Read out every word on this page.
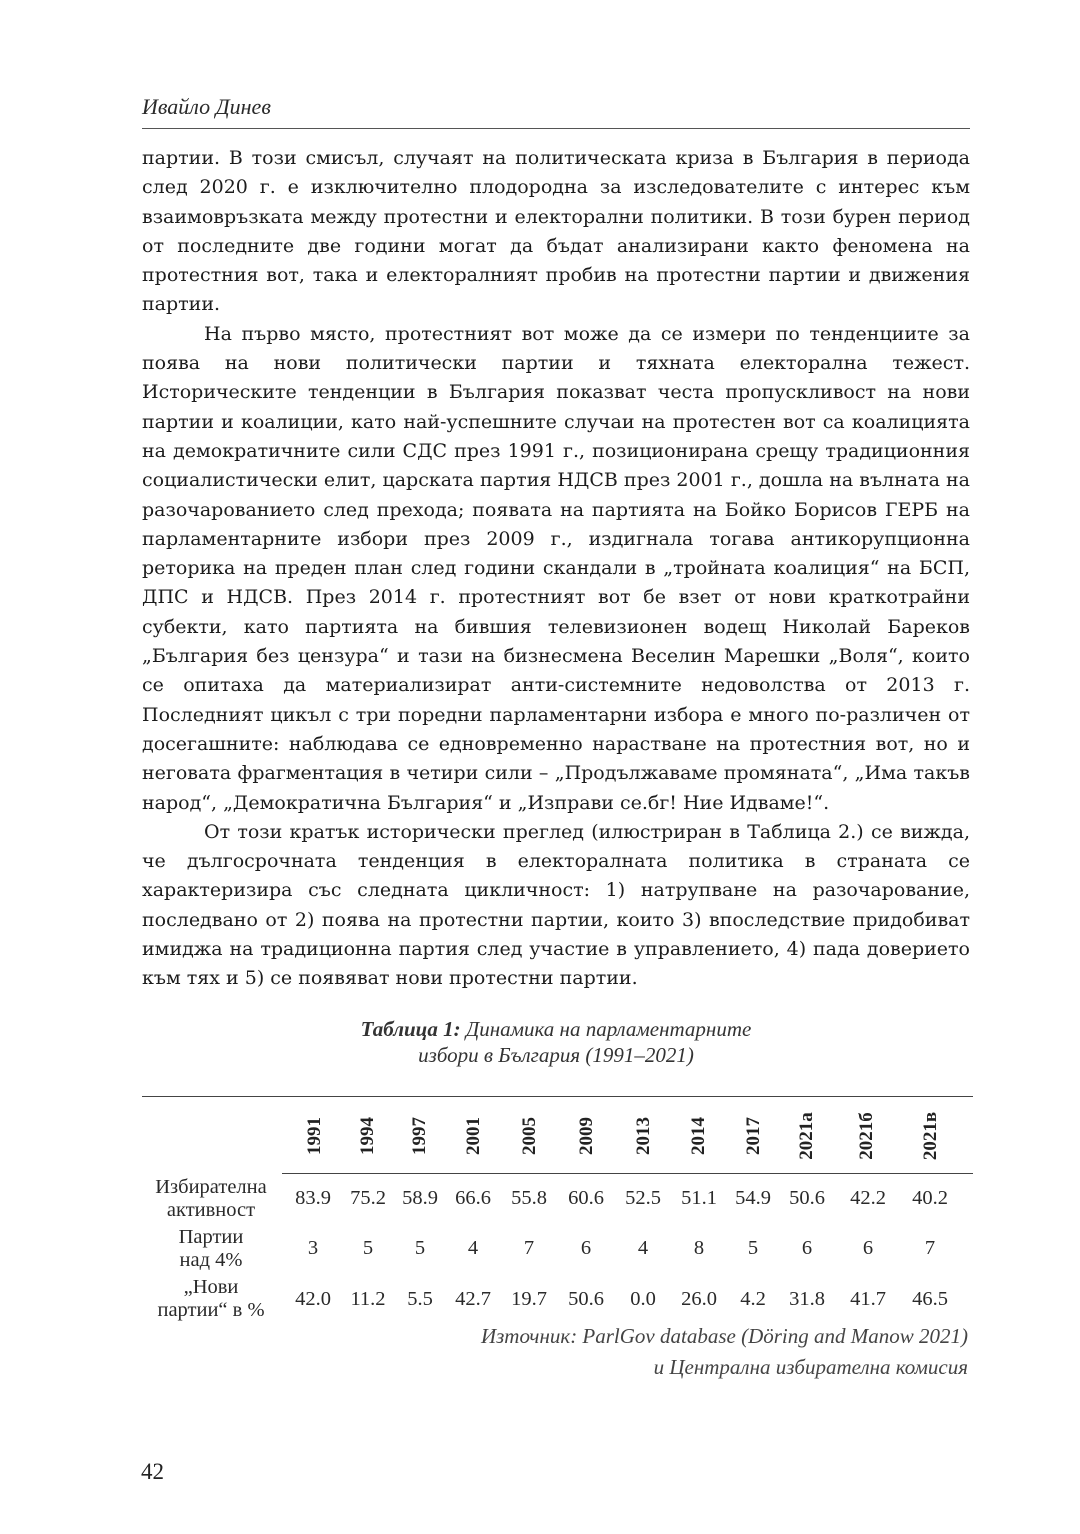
Ивайло Динев

партии. В този смисъл, случаят на политическата криза в България в периода след 2020 г. е изключително плодородна за изследователите с интерес към взаимовръзката между протестни и електорални политики. В този бурен период от последните две години могат да бъдат анализирани както феномена на протестния вот, така и електоралният пробив на протестни партии и движения партии.

На първо място, протестният вот може да се измери по тенденциите за поява на нови политически партии и тяхната електорална тежест. Историческите тенденции в България показват честа пропускливост на нови партии и коалиции, като най-успешните случаи на протестен вот са коалицията на демократичните сили СДС през 1991 г., позиционирана срещу традиционния социалистически елит, царската партия НДСВ през 2001 г., дошла на вълната на разочарованието след прехода; появата на партията на Бойко Борисов ГЕРБ на парламентарните избори през 2009 г., издигнала тогава антикорупционна реторика на преден план след години скандали в „тройната коалиция“ на БСП, ДПС и НДСВ. През 2014 г. протестният вот бе взет от нови краткотрайни субекти, като партията на бившия телевизионен водещ Николай Бареков „България без цензура“ и тази на бизнесмена Веселин Марешки „Воля“, които се опитаха да материализират анти-системните недоволства от 2013 г. Последният цикъл с три поредни парламентарни избора е много по-различен от досегашните: наблюдава се едновременно нарастване на протестния вот, но и неговата фрагментация в четири сили – „Продължаваме промяната“, „Има такъв народ“, „Демократична България“ и „Изправи се.бг! Ние Идваме!“.

От този кратък исторически преглед (илюстриран в Таблица 2.) се вижда, че дългосрочната тенденция в електоралната политика в страната се характеризира със следната цикличност: 1) натрупване на разочарование, последвано от 2) поява на протестни партии, които 3) впоследствие придобиват имиджа на традиционна партия след участие в управлението, 4) пада доверието към тях и 5) се появяват нови протестни партии.

Таблица 1: Динамика на парламентарните
избори в България (1991–2021)
1991 1994 1997 2001 2005 2009 2013 2014 2017 2021а 2021б 2021в
Избирателна
активност
83.9 75.2 58.9 66.6 55.8	60.6	52.5 51.1 54.9 50.6	42.2	40.2
Партии
над 4%
3	5	5	4	7	6	4	8	5	6	6	7
„Нови
партии“ в %	42.0 11.2	5.5	42.7 19.7	50.6	0.0	26.0	4.2	31.8	41.7	46.5
Източник: ParlGov database (Döring and Manow 2021)
и Централна избирателна комисия
42
